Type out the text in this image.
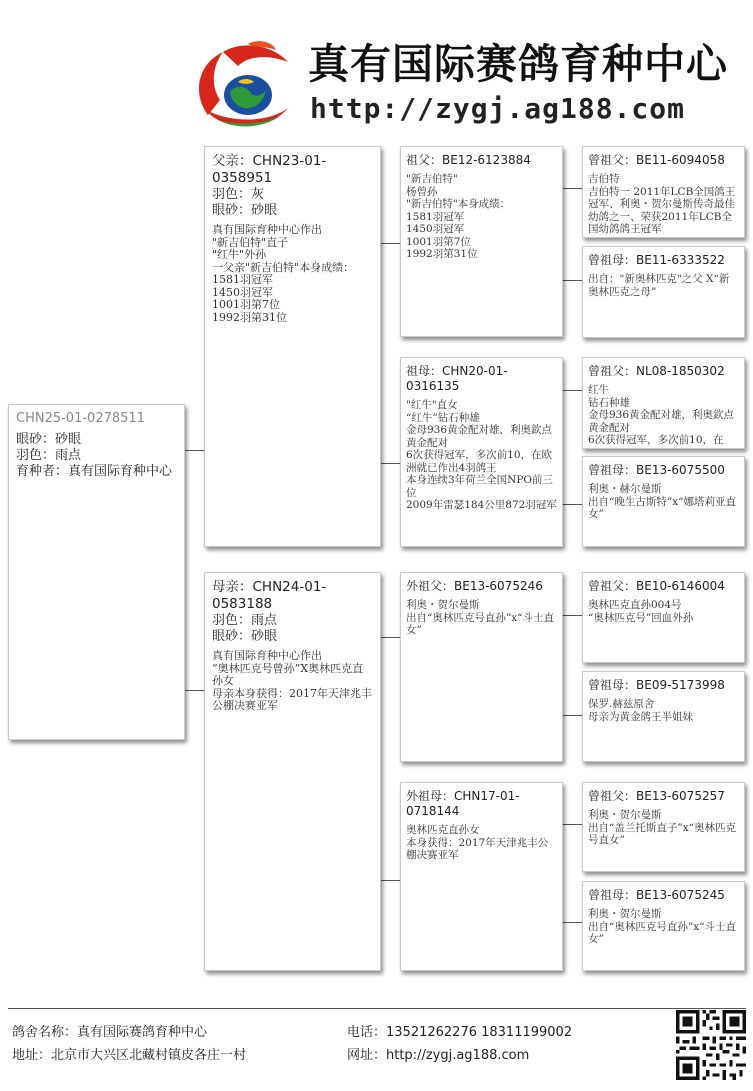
真有国际赛鸽育种中心
http://zygj.ag188.com
CHN25-01-0278511
眼砂：砂眼
羽色：雨点
育种者：真有国际育种中心
父亲：CHN23-01-0358951
羽色：灰
眼砂：砂眼
真有国际育种中心作出
"新吉伯特"直子
"红牛"外孙
一父亲"新吉伯特"本身成绩：
1581羽冠军
1450羽冠军
1001羽第7位
1992羽第31位
母亲：CHN24-01-0583188
羽色：雨点
眼砂：砂眼
真有国际育种中心作出
“奥林匹克号曾孙”X奥林匹克直孙女
母亲本身获得：2017年天津兆丰公棚决赛亚军
祖父：BE12-6123884
"新吉伯特"
杨曾孙
"新吉伯特"本身成绩：
1581羽冠军
1450羽冠军
1001羽第7位
1992羽第31位
祖母：CHN20-01-0316135
"红牛"直女
“红牛”钻石种雄
金母936黄金配对雄，利奥欽点黄金配对
6次获得冠军，多次前10，在欧洲就已作出4羽鸽王
本身连续3年荷兰全国NPO前三位
2009年雷瑟184公里872羽冠军
外祖父：BE13-6075246
利奥・贺尔曼斯
出自“奥林匹克号直孙”x“斗士直女”
外祖母：CHN17-01-0718144
奥林匹克直孙女
本身获得：2017年天津兆丰公棚决赛亚军
曾祖父：BE11-6094058
吉伯特
吉伯特一 2011年LCB全国鸽王冠军、利奥・贺尔曼斯传奇最佳幼鸽之一、荣获2011年LCB全国幼鸽鸽王冠军
曾祖母：BE11-6333522
出自："新奥林匹克"之父 X“新奥林匹克之母”
曾祖父：NL08-1850302
红牛
钻石种雄
金母936黄金配对雄，利奥欽点黄金配对
6次获得冠军，多次前10，在
曾祖母：BE13-6075500
利奥・赫尔曼斯
出自“晚生古斯特”x“娜塔莉亚直女”
曾祖父：BE10-6146004
奥林匹克直孙004号
“奥林匹克号”回血外孙
曾祖母：BE09-5173998
保罗.赫兹原舍
母亲为黄金鸽王半姐妹
曾祖父：BE13-6075257
利奥・贺尔曼斯
出自“盖兰托斯直子”x“奥林匹克号直女”
曾祖母：BE13-6075245
利奥・贺尔曼斯
出自“奥林匹克号直孙”x“斗士直女”
鸽舍名称：真有国际赛鸽育种中心
地址：北京市大兴区北藏村镇皮各庄一村
电话：13521262276 18311199002
网址：http://zygj.ag188.com
